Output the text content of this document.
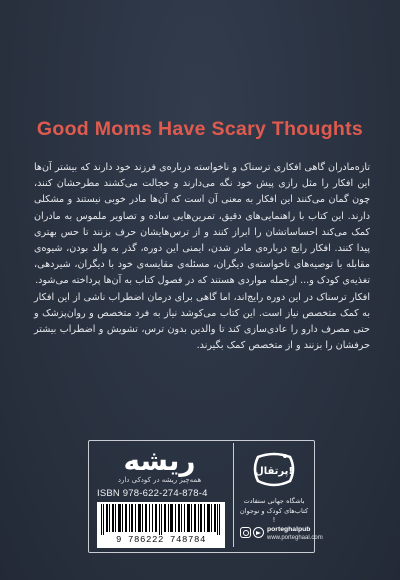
Good Moms Have Scary Thoughts

تازه‌مادران گاهی افکاری ترسناک و ناخواسته درباره‌ی فرزند خود دارند که بیشتر آن‌ها این افکار را مثل رازی پیش خود نگه می‌دارند و خجالت می‌کشند مطرحشان کنند، چون گمان می‌کنند این افکار به معنی آن است که آن‌ها مادر خوبی نیستند و مشکلی دارند. این کتاب با راهنمایی‌های دقیق، تمرین‌هایی ساده و تصاویر ملموس به مادران کمک می‌کند احساساتشان را ابراز کنند و از ترس‌هایشان حرف بزنند تا حس بهتری پیدا کنند. افکار رایج درباره‌ی مادر شدن، ایمنی این دوره، گذر به والد بودن، شیوه‌ی مقابله با توصیه‌های ناخواسته‌ی دیگران، مسئله‌ی مقایسه‌ی خود با دیگران، شیردهی، تغذیه‌ی کودک و... ازجمله مواردی هستند که در فصول کتاب به آن‌ها پرداخته می‌شود.

افکار ترسناک در این دوره رایج‌اند، اما گاهی برای درمان اضطراب ناشی از این افکار به کمک متخصص نیاز است. این کتاب می‌کوشد نیاز به فرد متخصص و روان‌پزشک و حتی مصرف دارو را عادی‌سازی کند تا والدین بدون ترس، تشویش و اضطراب بیشتر حرفشان را بزنند و از متخصص کمک بگیرند.

ریشه
همه‌چیز ریشه در کودکی دارد
ISBN 978-622-274-878-4
9 786222 748784
پرتقال!
باشگاه جهانی ستفادت
کتاب‌های کودک و نوجوان !
porteghalpub
www.porteghaal.com
